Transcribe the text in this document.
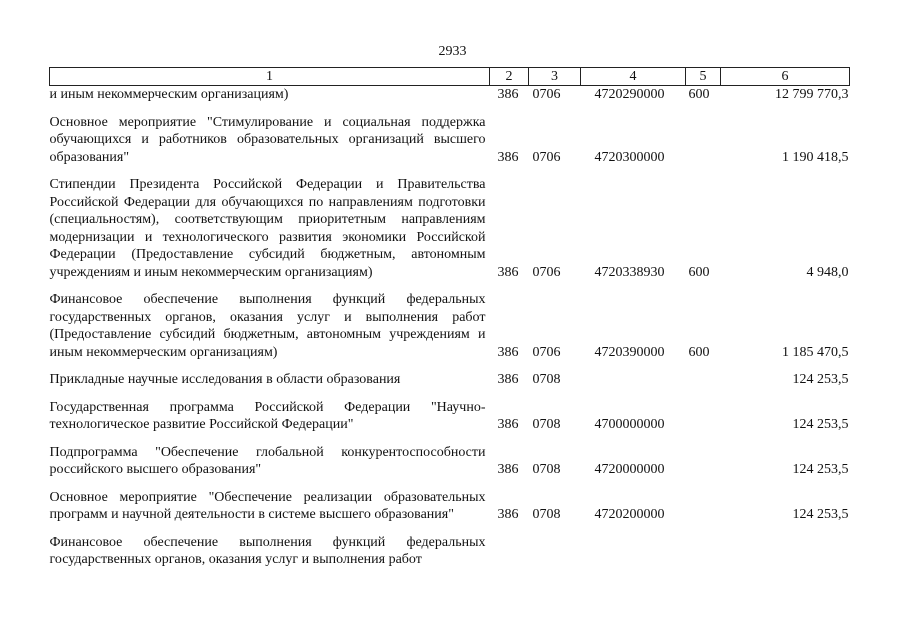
2933
1	2	3	4	5	6
и иным некоммерческим организациям)	386	0706	4720290000	600	12 799 770,3

Основное мероприятие "Стимулирование и социальная поддержка обучающихся и работников образовательных организаций высшего образования"	386	0706	4720300000		1 190 418,5

Стипендии Президента Российской Федерации и Правительства Российской Федерации для обучающихся по направлениям подготовки (специальностям), соответствующим приоритетным направлениям модернизации и технологического развития экономики Российской Федерации (Предоставление субсидий бюджетным, автономным учреждениям и иным некоммерческим организациям)	386	0706	4720338930	600	4 948,0

Финансовое обеспечение выполнения функций федеральных государственных органов, оказания услуг и выполнения работ (Предоставление субсидий бюджетным, автономным учреждениям и иным некоммерческим организациям)	386	0706	4720390000	600	1 185 470,5

Прикладные научные исследования в области образования	386	0708			124 253,5

Государственная программа Российской Федерации "Научно-технологическое развитие Российской Федерации"	386	0708	4700000000		124 253,5

Подпрограмма "Обеспечение глобальной конкурентоспособности российского высшего образования"	386	0708	4720000000		124 253,5

Основное мероприятие "Обеспечение реализации образовательных программ и научной деятельности в системе высшего образования"	386	0708	4720200000		124 253,5

Финансовое обеспечение выполнения функций федеральных государственных органов, оказания услуг и выполнения работ					
